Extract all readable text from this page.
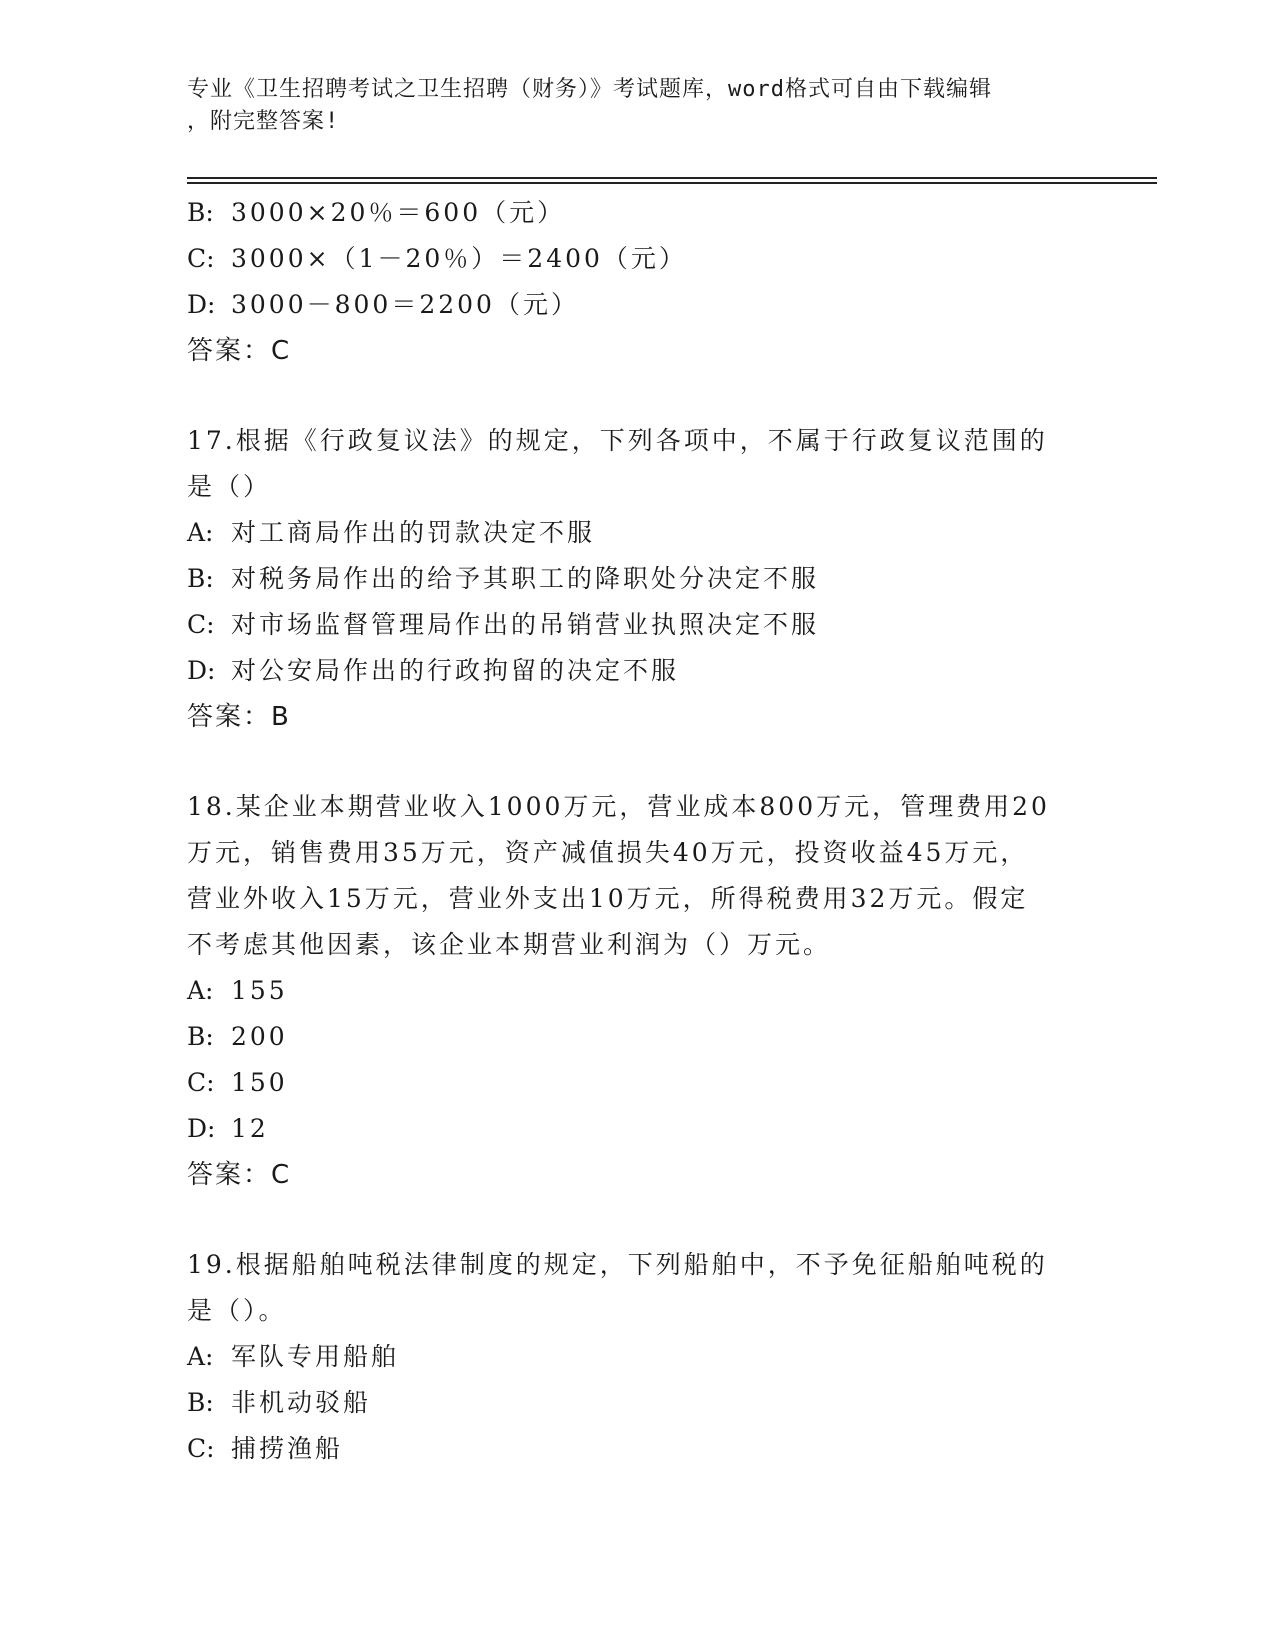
专业《卫生招聘考试之卫生招聘（财务）》考试题库，word格式可自由下载编辑
，附完整答案!
B: 3000×20％＝600（元）
C: 3000×（1－20％）＝2400（元）
D: 3000－800＝2200（元）
答案：C
17.根据《行政复议法》的规定，下列各项中，不属于行政复议范围的
是（）
A: 对工商局作出的罚款决定不服
B: 对税务局作出的给予其职工的降职处分决定不服
C: 对市场监督管理局作出的吊销营业执照决定不服
D: 对公安局作出的行政拘留的决定不服
答案：B
18.某企业本期营业收入1000万元，营业成本800万元，管理费用20
万元，销售费用35万元，资产减值损失40万元，投资收益45万元，
营业外收入15万元，营业外支出10万元，所得税费用32万元。假定
不考虑其他因素，该企业本期营业利润为（）万元。
A: 155
B: 200
C: 150
D: 12
答案：C
19.根据船舶吨税法律制度的规定，下列船舶中，不予免征船舶吨税的
是（）。
A: 军队专用船舶
B: 非机动驳船
C: 捕捞渔船
